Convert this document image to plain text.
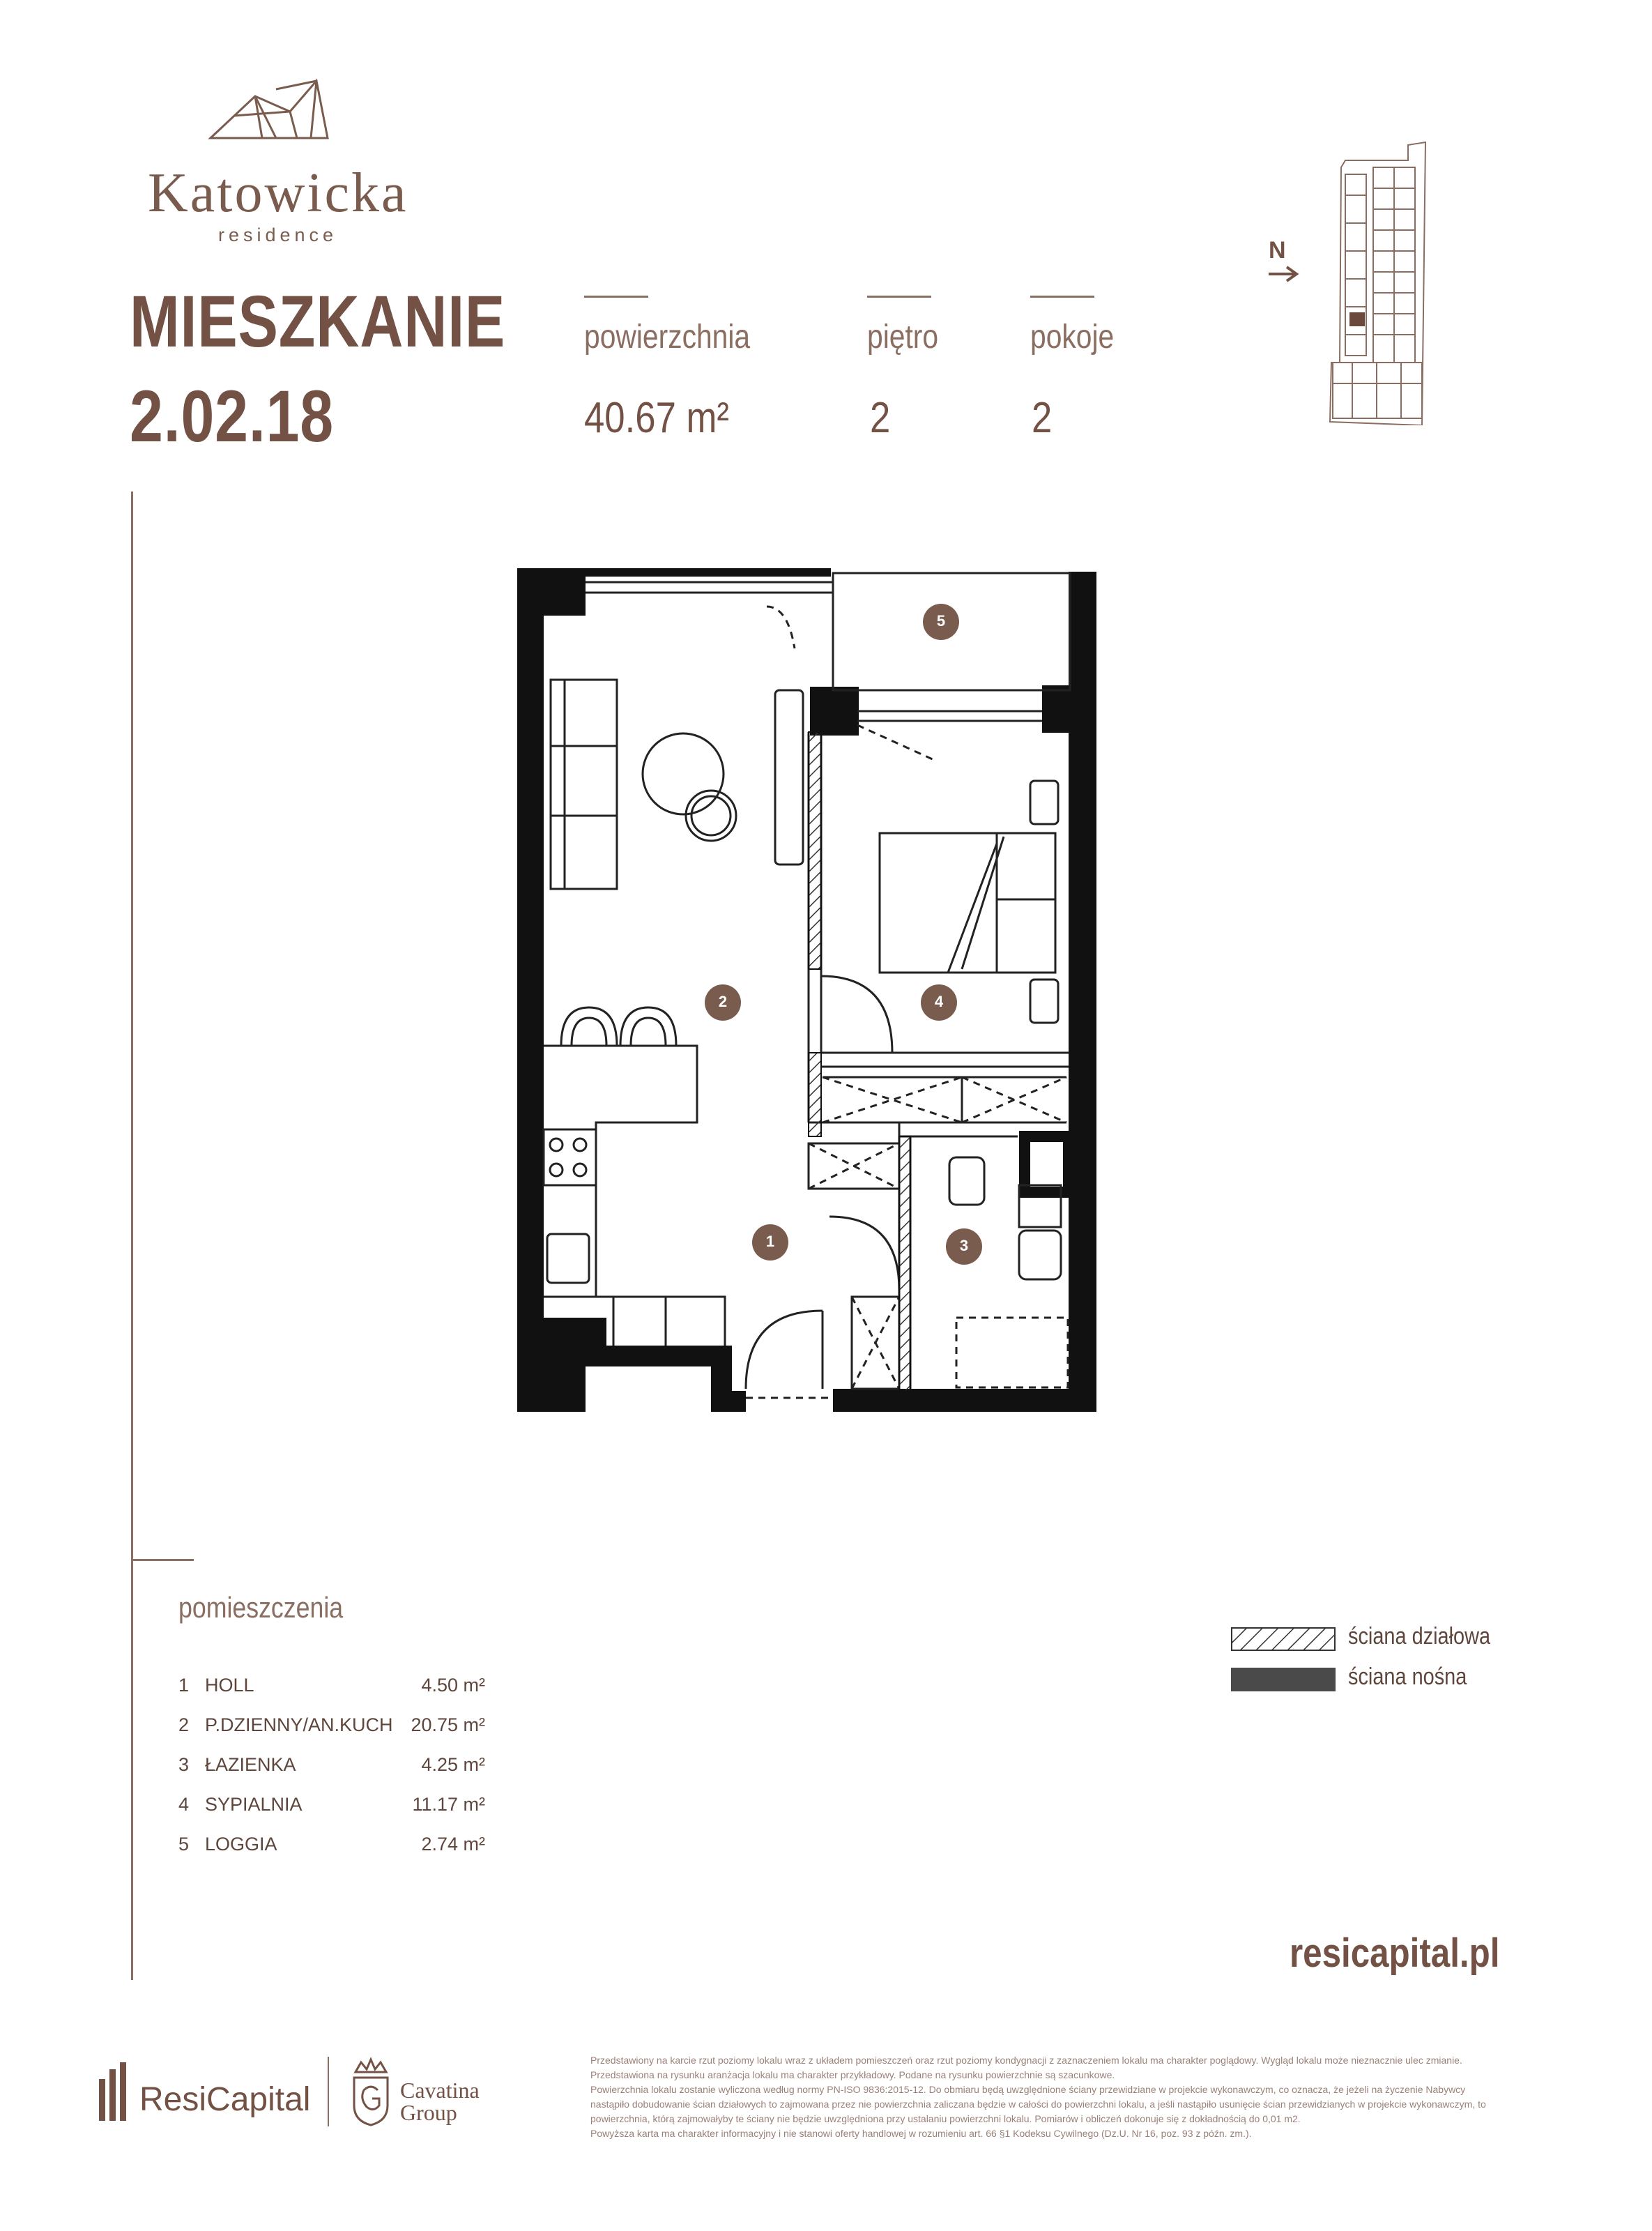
Katowicka
residence
MIESZKANIE
2.02.18
powierzchnia
40.67 m²
piętro
2
pokoje
2
N
5
2	4
1	3
pomieszczenia
1 HOLL	4.50 m²
2 P.DZIENNY/AN.KUCH 20.75 m²
3 ŁAZIENKA	4.25 m²
4 SYPIALNIA	11.17 m²
5 LOGGIA	2.74 m²
ściana działowa
ściana nośna
resicapital.pl
ResiCapital	Cavatina
Group

Przedstawiony na karcie rzut poziomy lokalu wraz z układem pomieszczeń oraz rzut poziomy kondygnacji z zaznaczeniem lokalu ma charakter poglądowy. Wygląd lokalu może nieznacznie ulec zmianie.

Przedstawiona na rysunku aranżacja lokalu ma charakter przykładowy. Podane na rysunku powierzchnie są szacunkowe.

Powierzchnia lokalu zostanie wyliczona według normy PN-ISO 9836:2015-12. Do obmiaru będą uwzględnione ściany przewidziane w projekcie wykonawczym, co oznacza, że jeżeli na życzenie Nabywcy nastąpiło dobudowanie ścian działowych to zajmowana przez nie powierzchnia zaliczana będzie w całości do powierzchni lokalu, a jeśli nastąpiło usunięcie ścian przewidzianych w projekcie wykonawczym, to powierzchnia, którą zajmowałyby te ściany nie będzie uwzględniona przy ustalaniu powierzchni lokalu. Pomiarów i obliczeń dokonuje się z dokładnością do 0,01 m2.

Powyższa karta ma charakter informacyjny i nie stanowi oferty handlowej w rozumieniu art. 66 §1 Kodeksu Cywilnego (Dz.U. Nr 16, poz. 93 z późn. zm.).
